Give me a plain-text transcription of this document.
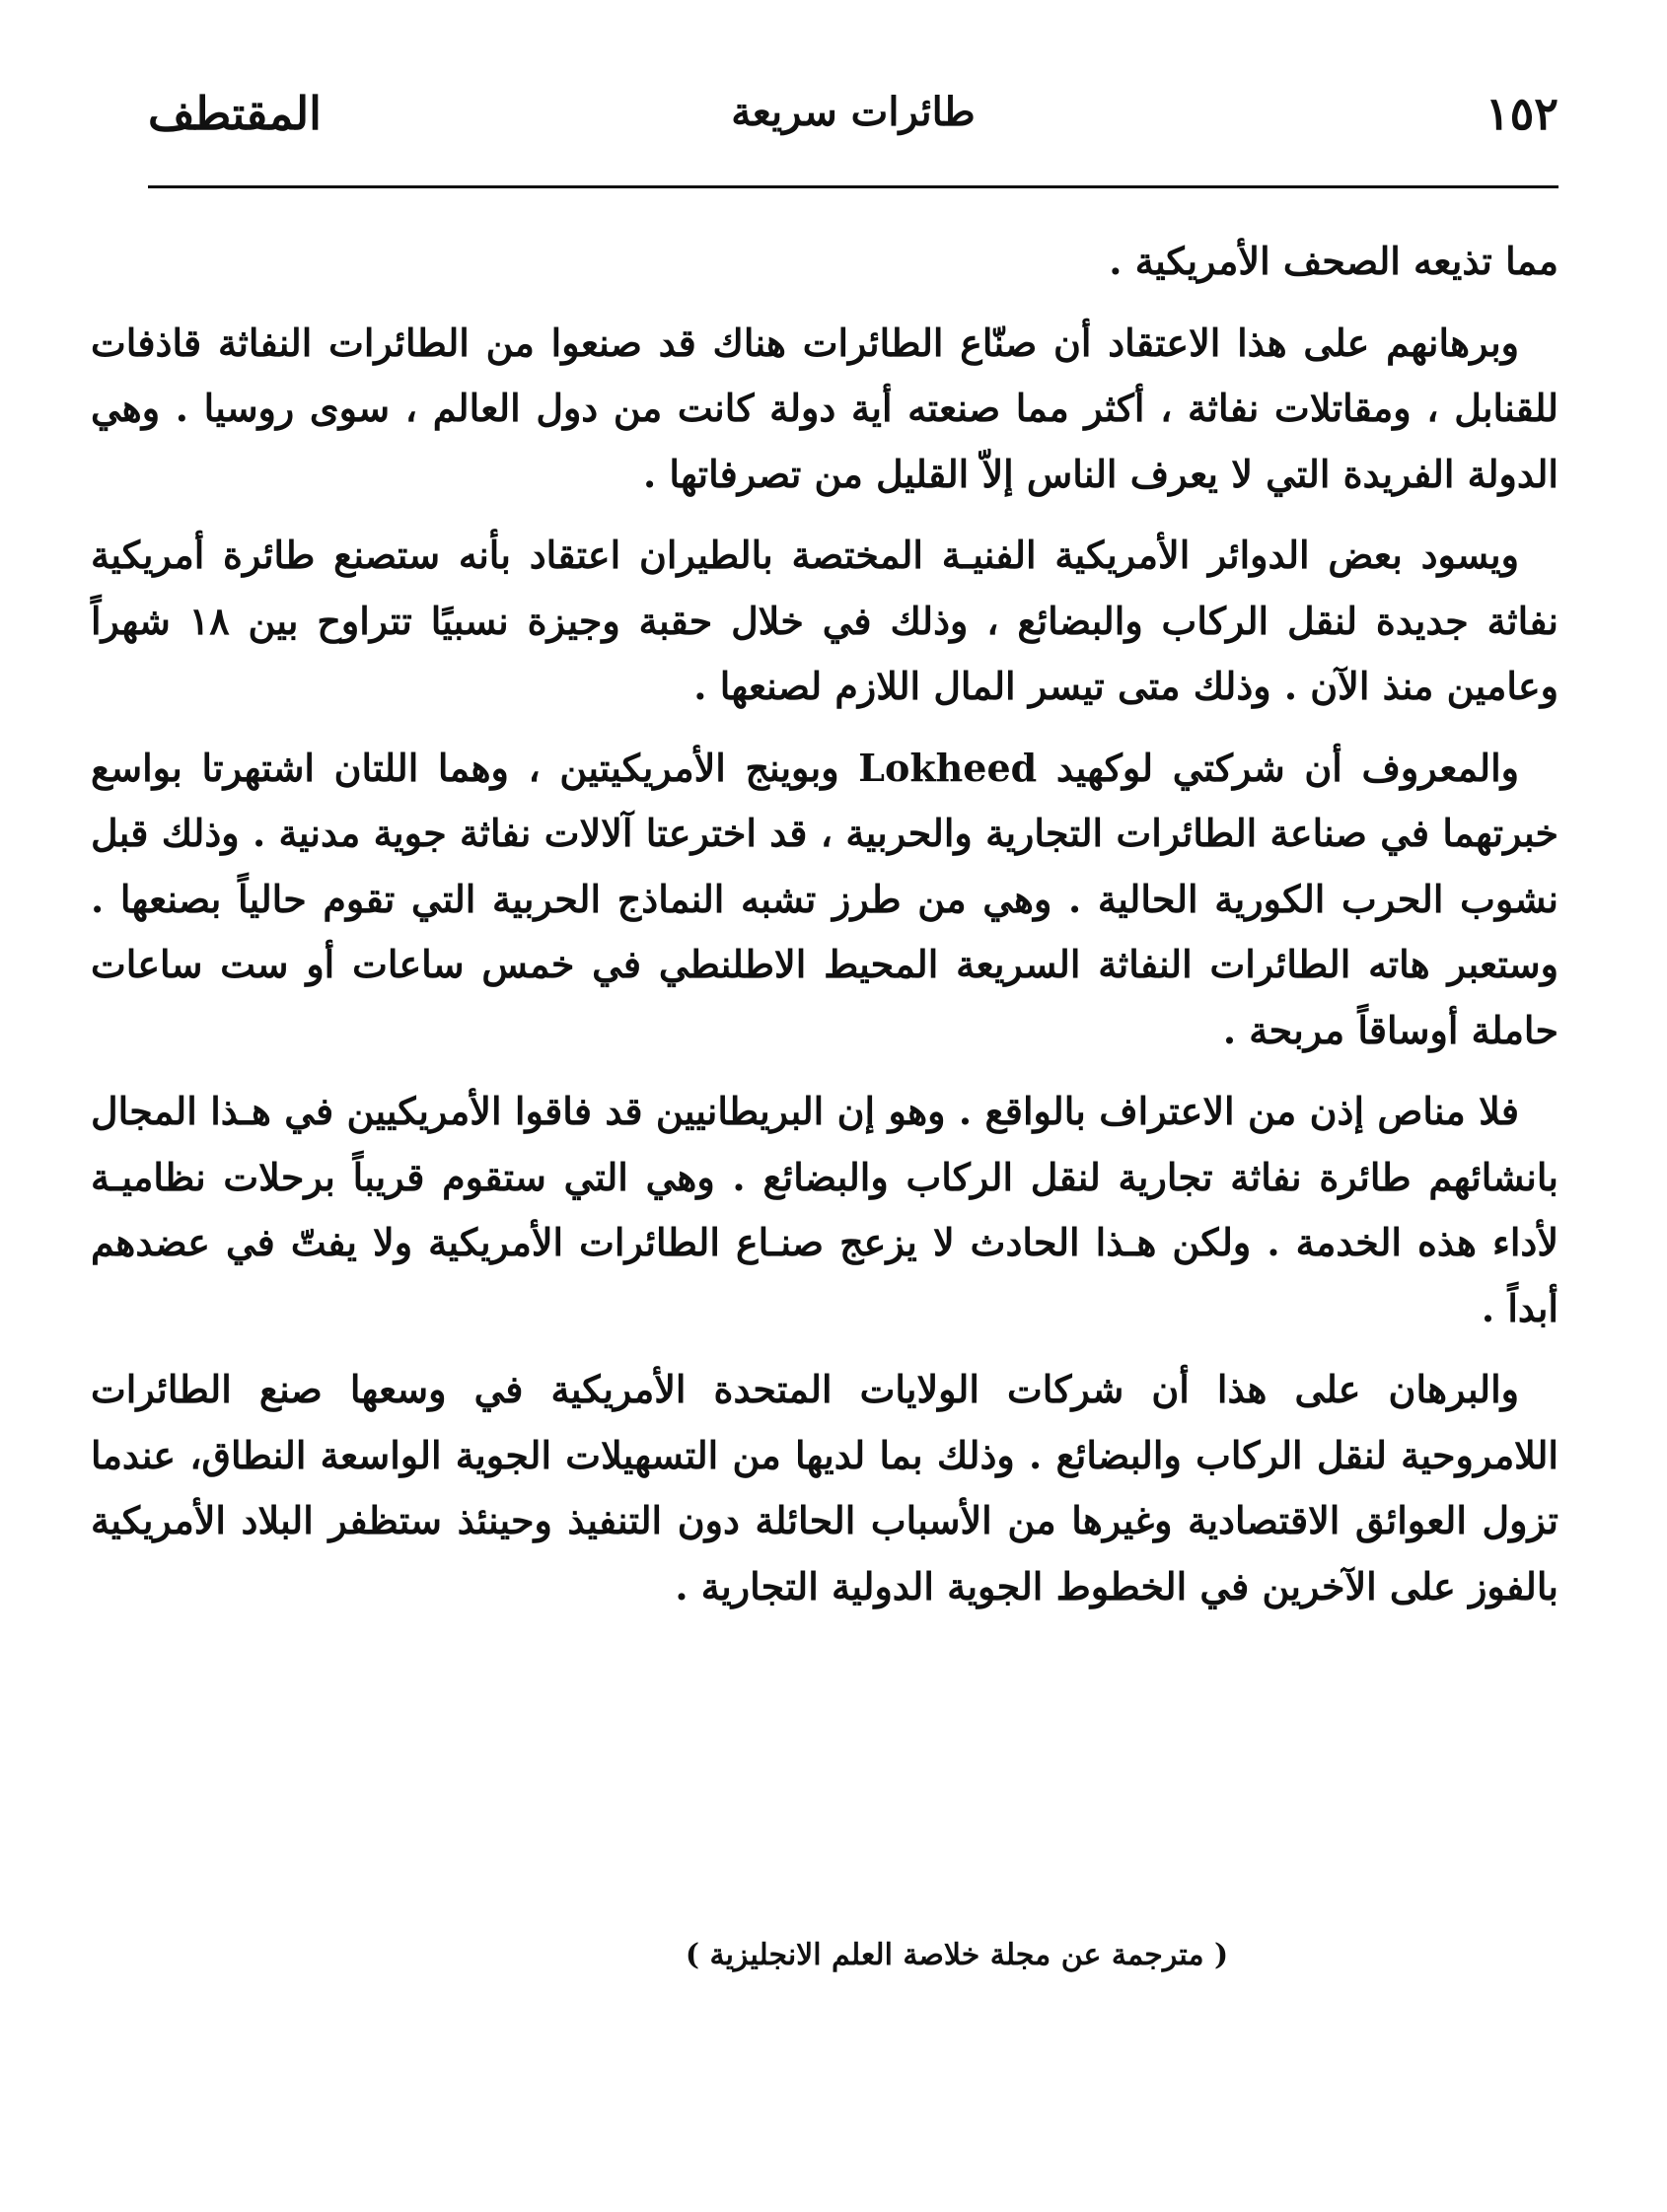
١٥٢
طائرات سريعة
المقتطف

مما تذيعه الصحف الأمريكية .

وبرهانهم على هذا الاعتقاد أن صنّاع الطائرات هناك قد صنعوا من الطائرات النفاثة قاذفات للقنابل ، ومقاتلات نفاثة ، أكثر مما صنعته أية دولة كانت من دول العالم ، سوى روسيا . وهي الدولة الفريدة التي لا يعرف الناس إلاّ القليل من تصرفاتها .

ويسود بعض الدوائر الأمريكية الفنيـة المختصة بالطيران اعتقاد بأنه ستصنع طائرة أمريكية نفاثة جديدة لنقل الركاب والبضائع ، وذلك في خلال حقبة وجيزة نسبيًا تتراوح بين ١٨ شهراً وعامين منذ الآن . وذلك متى تيسر المال اللازم لصنعها .

والمعروف أن شركتي لوكهيد Lokheed وبوينج الأمريكيتين ، وهما اللتان اشتهرتا بواسع خبرتهما في صناعة الطائرات التجارية والحربية ، قد اخترعتا آلالات نفاثة جوية مدنية . وذلك قبل نشوب الحرب الكورية الحالية . وهي من طرز تشبه النماذج الحربية التي تقوم حالياً بصنعها . وستعبر هاته الطائرات النفاثة السريعة المحيط الاطلنطي في خمس ساعات أو ست ساعات حاملة أوساقاً مربحة .

فلا مناص إذن من الاعتراف بالواقع . وهو إن البريطانيين قد فاقوا الأمريكيين في هـذا المجال بانشائهم طائرة نفاثة تجارية لنقل الركاب والبضائع . وهي التي ستقوم قريباً برحلات نظاميـة لأداء هذه الخدمة . ولكن هـذا الحادث لا يزعج صنـاع الطائرات الأمريكية ولا يفتّ في عضدهم أبداً .

والبرهان على هذا أن شركات الولايات المتحدة الأمريكية في وسعها صنع الطائرات اللامروحية لنقل الركاب والبضائع . وذلك بما لديها من التسهيلات الجوية الواسعة النطاق، عندما تزول العوائق الاقتصادية وغيرها من الأسباب الحائلة دون التنفيذ وحينئذ ستظفر البلاد الأمريكية بالفوز على الآخرين في الخطوط الجوية الدولية التجارية .

( مترجمة عن مجلة خلاصة العلم الانجليزية )
